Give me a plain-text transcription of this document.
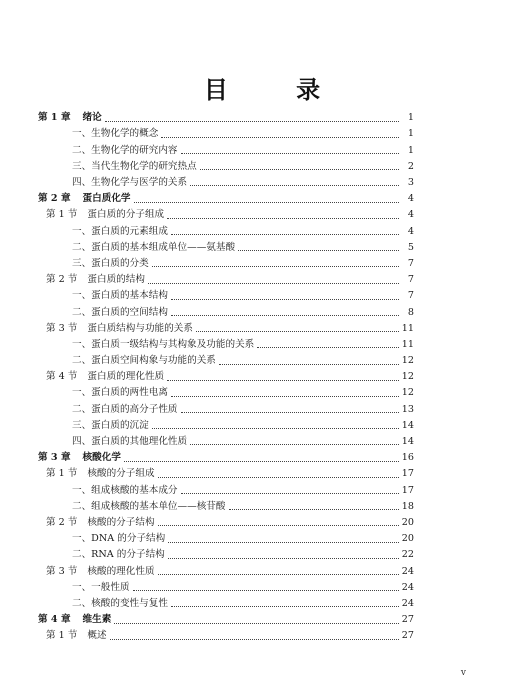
目 录
第 1 章 绪论	1
一、生物化学的概念	1
二、生物化学的研究内容	1
三、当代生物化学的研究热点	2
四、生物化学与医学的关系	3
第 2 章 蛋白质化学	4
第 1 节 蛋白质的分子组成	4
一、蛋白质的元素组成	4
二、蛋白质的基本组成单位——氨基酸	5
三、蛋白质的分类	7
第 2 节 蛋白质的结构	7
一、蛋白质的基本结构	7
二、蛋白质的空间结构	8
第 3 节 蛋白质结构与功能的关系	11
一、蛋白质一级结构与其构象及功能的关系	11
二、蛋白质空间构象与功能的关系	12
第 4 节 蛋白质的理化性质	12
一、蛋白质的两性电离	12
二、蛋白质的高分子性质	13
三、蛋白质的沉淀	14
四、蛋白质的其他理化性质	14
第 3 章 核酸化学	16
第 1 节 核酸的分子组成	17
一、组成核酸的基本成分	17
二、组成核酸的基本单位——核苷酸	18
第 2 节 核酸的分子结构	20
一、DNA 的分子结构	20
二、RNA 的分子结构	22
第 3 节 核酸的理化性质	24
一、一般性质	24
二、核酸的变性与复性	24
第 4 章 维生素	27
第 1 节 概述	27
v
